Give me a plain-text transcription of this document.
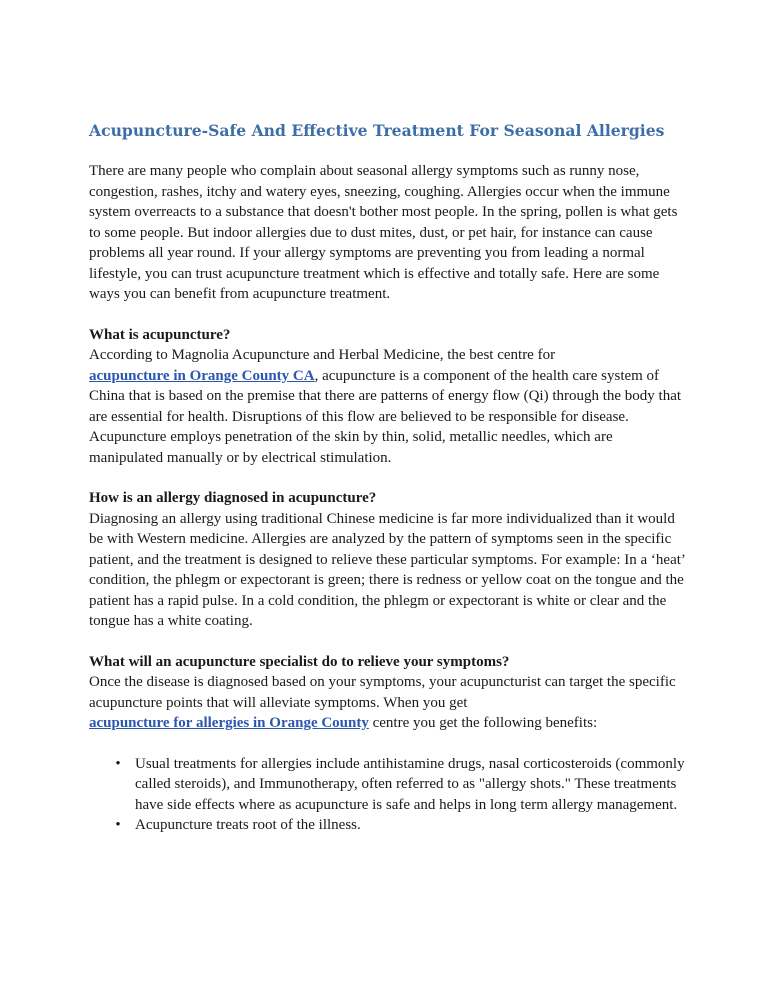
Acupuncture-Safe And Effective Treatment For Seasonal Allergies

There are many people who complain about seasonal allergy symptoms such as runny nose, congestion, rashes, itchy and watery eyes, sneezing, coughing. Allergies occur when the immune system overreacts to a substance that doesn't bother most people. In the spring, pollen is what gets to some people. But indoor allergies due to dust mites, dust, or pet hair, for instance can cause problems all year round. If your allergy symptoms are preventing you from leading a normal lifestyle, you can trust acupuncture treatment which is effective and totally safe. Here are some ways you can benefit from acupuncture treatment.

What is acupuncture?
According to Magnolia Acupuncture and Herbal Medicine, the best centre for
acupuncture in Orange County CA, acupuncture is a component of the health care system of China that is based on the premise that there are patterns of energy flow (Qi) through the body that are essential for health. Disruptions of this flow are believed to be responsible for disease. Acupuncture employs penetration of the skin by thin, solid, metallic needles, which are manipulated manually or by electrical stimulation.

How is an allergy diagnosed in acupuncture?
Diagnosing an allergy using traditional Chinese medicine is far more individualized than it would be with Western medicine. Allergies are analyzed by the pattern of symptoms seen in the specific patient, and the treatment is designed to relieve these particular symptoms. For example: In a ‘heat’ condition, the phlegm or expectorant is green; there is redness or yellow coat on the tongue and the patient has a rapid pulse. In a cold condition, the phlegm or expectorant is white or clear and the tongue has a white coating.

What will an acupuncture specialist do to relieve your symptoms?
Once the disease is diagnosed based on your symptoms, your acupuncturist can target the specific acupuncture points that will alleviate symptoms. When you get
acupuncture for allergies in Orange County centre you get the following benefits:

• Usual treatments for allergies include antihistamine drugs, nasal corticosteroids (commonly called steroids), and Immunotherapy, often referred to as "allergy shots." These treatments have side effects where as acupuncture is safe and helps in long term allergy management.
• Acupuncture treats root of the illness.
